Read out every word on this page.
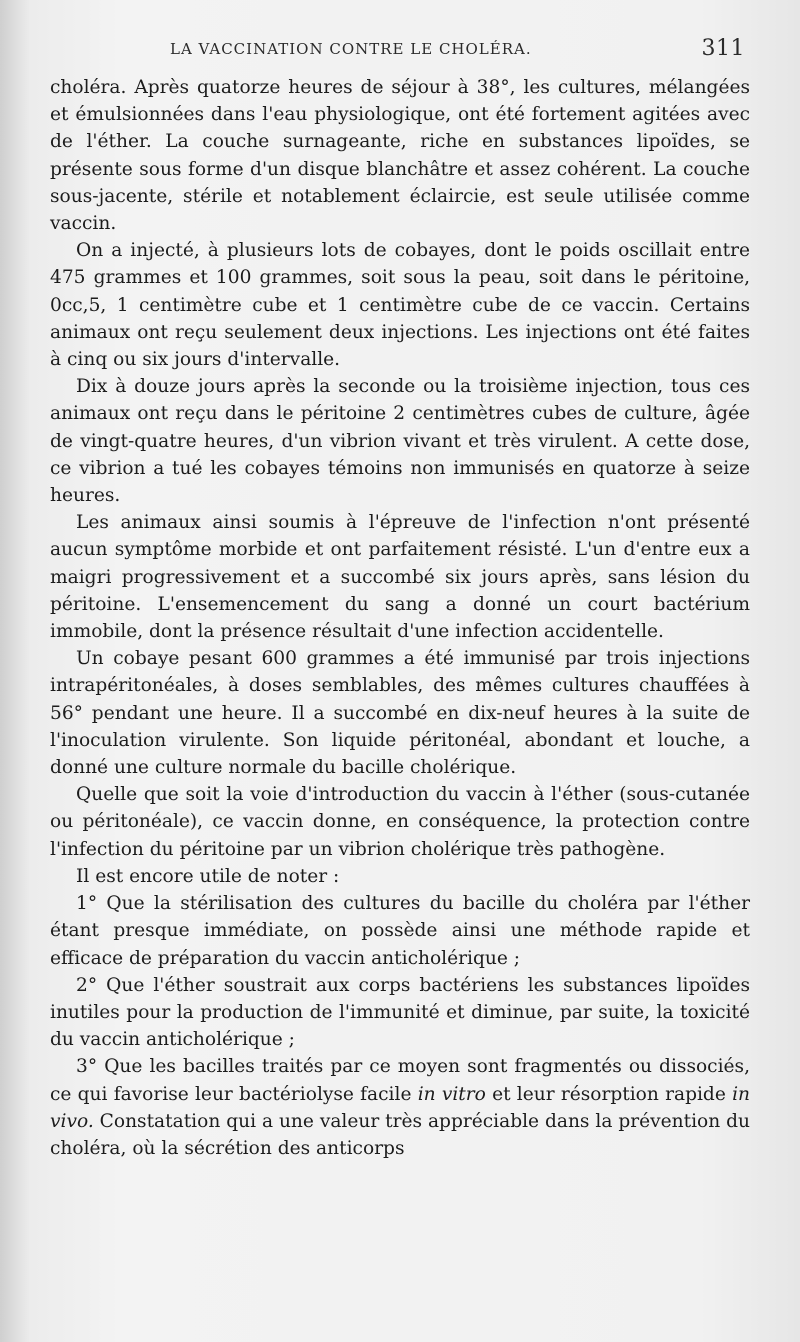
LA VACCINATION CONTRE LE CHOLÉRA.	311

choléra. Après quatorze heures de séjour à 38°, les cultures, mélangées et émulsionnées dans l'eau physiologique, ont été fortement agitées avec de l'éther. La couche surnageante, riche en substances lipoïdes, se présente sous forme d'un disque blanchâtre et assez cohérent. La couche sous-jacente, stérile et notablement éclaircie, est seule utilisée comme vaccin.

On a injecté, à plusieurs lots de cobayes, dont le poids oscillait entre 475 grammes et 100 grammes, soit sous la peau, soit dans le péritoine, 0cc,5, 1 centimètre cube et 1 centimètre cube de ce vaccin. Certains animaux ont reçu seulement deux injections. Les injections ont été faites à cinq ou six jours d'intervalle.

Dix à douze jours après la seconde ou la troisième injection, tous ces animaux ont reçu dans le péritoine 2 centimètres cubes de culture, âgée de vingt-quatre heures, d'un vibrion vivant et très virulent. A cette dose, ce vibrion a tué les cobayes témoins non immunisés en quatorze à seize heures.

Les animaux ainsi soumis à l'épreuve de l'infection n'ont présenté aucun symptôme morbide et ont parfaitement résisté. L'un d'entre eux a maigri progressivement et a succombé six jours après, sans lésion du péritoine. L'ensemencement du sang a donné un court bactérium immobile, dont la présence résultait d'une infection accidentelle.

Un cobaye pesant 600 grammes a été immunisé par trois injections intrapéritonéales, à doses semblables, des mêmes cultures chauffées à 56° pendant une heure. Il a succombé en dix-neuf heures à la suite de l'inoculation virulente. Son liquide péritonéal, abondant et louche, a donné une culture normale du bacille cholérique.

Quelle que soit la voie d'introduction du vaccin à l'éther (sous-cutanée ou péritonéale), ce vaccin donne, en conséquence, la protection contre l'infection du péritoine par un vibrion cholérique très pathogène.

Il est encore utile de noter :

1° Que la stérilisation des cultures du bacille du choléra par l'éther étant presque immédiate, on possède ainsi une méthode rapide et efficace de préparation du vaccin anticholérique ;

2° Que l'éther soustrait aux corps bactériens les substances lipoïdes inutiles pour la production de l'immunité et diminue, par suite, la toxicité du vaccin anticholérique ;

3° Que les bacilles traités par ce moyen sont fragmentés ou dissociés, ce qui favorise leur bactériolyse facile in vitro et leur résorption rapide in vivo. Constatation qui a une valeur très appréciable dans la prévention du choléra, où la sécrétion des anticorps
